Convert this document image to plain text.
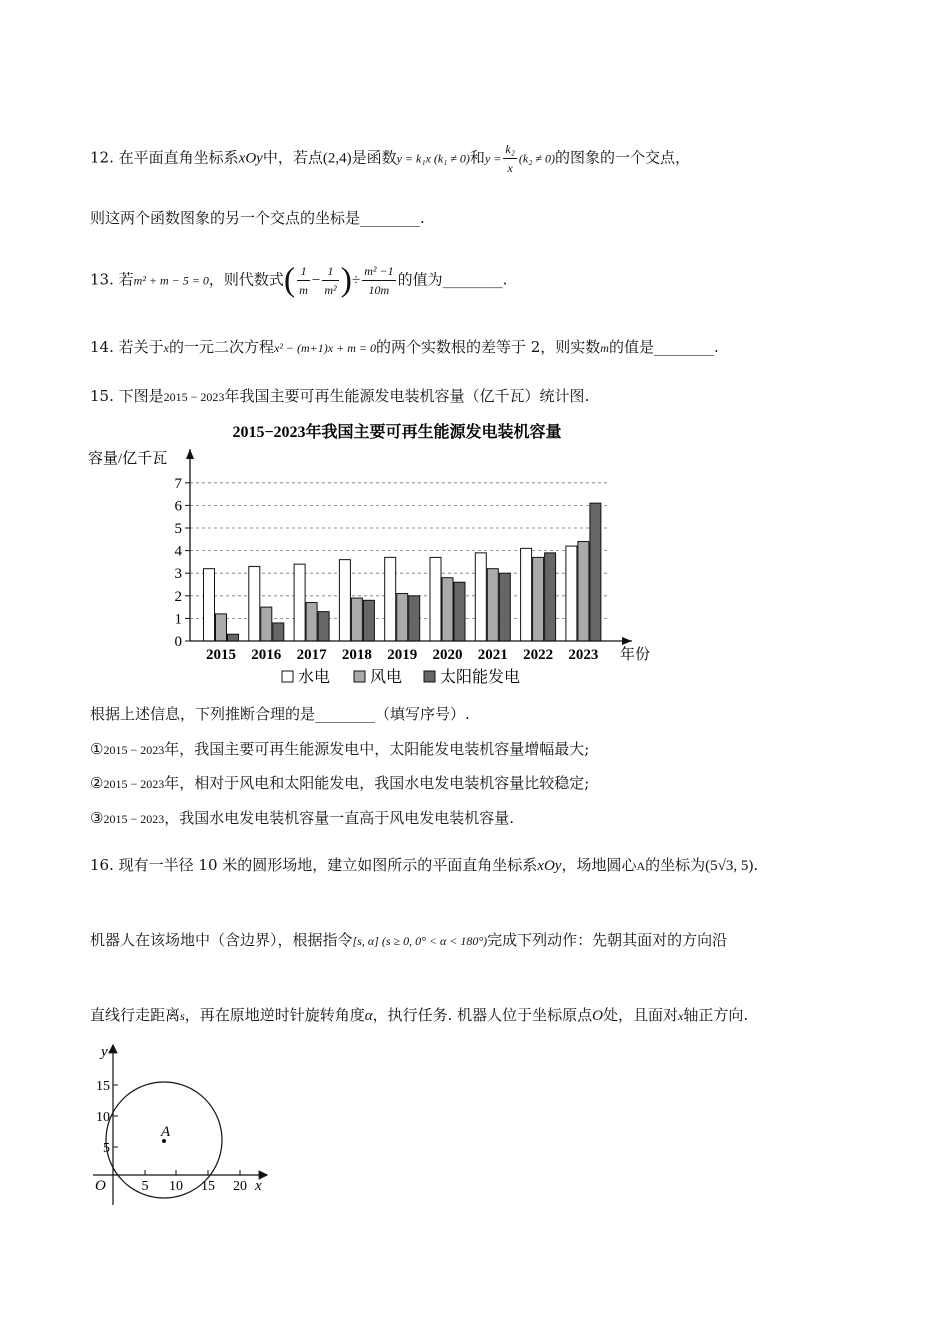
12. 在平面直角坐标系xOy中，若点(2,4)是函数y = k₁x (k₁ ≠ 0)和$y = \frac{\text{k₂}}{x} (k_2 \ne 0)$的图象的一个交点，
则这两个函数图象的另一个交点的坐标是________.
13. 若m² + m − 5 = 0，则代数式( $\frac{1}{m} - \frac{1}{\text{m²}}$ )÷ $\frac{\text{m² −1}}{10m}$ 的值为________.
14. 若关于x的一元二次方程x² − (m+1)x + m = 0的两个实数根的差等于 2，则实数m的值是________.
15. 下图是2015 − 2023年我国主要可再生能源发电装机容量（亿千瓦）统计图.
2015−2023年我国主要可再生能源发电装机容量
容量/亿千瓦
年份
0
1
2
3
4
5
6
7
2015 2016 2017 2018 2019 2020 2021 2022 2023
水电 风电 太阳能发电
根据上述信息，下列推断合理的是________（填写序号）.
①2015 − 2023年，我国主要可再生能源发电中，太阳能发电装机容量增幅最大;
②2015 − 2023年，相对于风电和太阳能发电，我国水电发电装机容量比较稳定;
③2015 − 2023，我国水电发电装机容量一直高于风电发电装机容量.
16. 现有一半径 10 米的圆形场地，建立如图所示的平面直角坐标系xOy，场地圆心A的坐标为(5√3, 5).
机器人在该场地中（含边界），根据指令[s, α] (s ≥ 0, 0° < α < 180°)完成下列动作：先朝其面对的方向沿
直线行走距离s，再在原地逆时针旋转角度α，执行任务. 机器人位于坐标原点O处，且面对x轴正方向.
A
y
x
O
5
10
15
5 10 15 20
